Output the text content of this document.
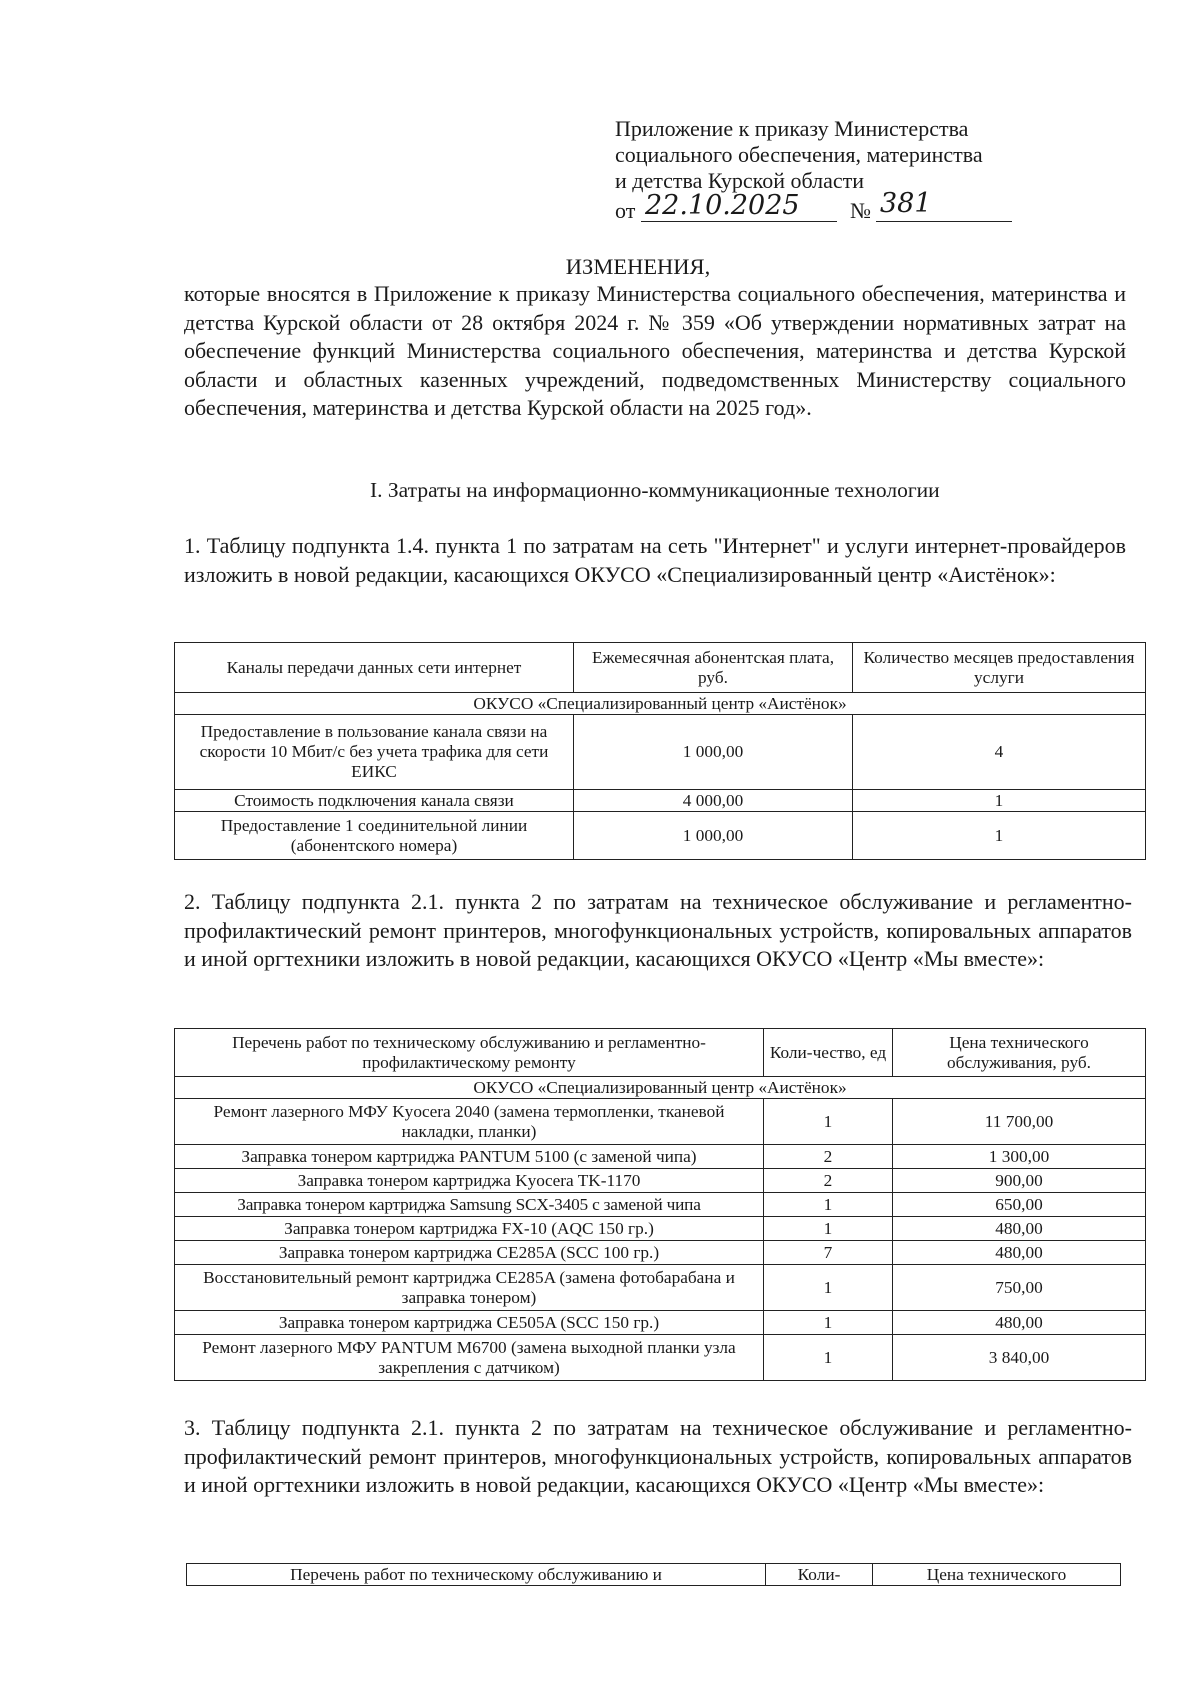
Приложение к приказу Министерства
социального обеспечения, материнства
и детства Курской области
от 22.10.2025 № 381
ИЗМЕНЕНИЯ,
которые вносятся в Приложение к приказу Министерства социального обеспечения, материнства и детства Курской области от 28 октября 2024 г. № 359 «Об утверждении нормативных затрат на обеспечение функций Министерства социального обеспечения, материнства и детства Курской области и областных казенных учреждений, подведомственных Министерству социального обеспечения, материнства и детства Курской области на 2025 год».
I. Затраты на информационно-коммуникационные технологии
1. Таблицу подпункта 1.4. пункта 1 по затратам на сеть "Интернет" и услуги интернет-провайдеров изложить в новой редакции, касающихся ОКУСО «Специализированный центр «Аистёнок»:
Каналы передачи данных сети интернет	Ежемесячная абонентская плата, руб.	Количество месяцев предоставления услуги
ОКУСО «Специализированный центр «Аистёнок»		
Предоставление в пользование канала связи на скорости 10 Мбит/с без учета трафика для сети ЕИКС	1 000,00	4
Стоимость подключения канала связи	4 000,00	1
Предоставление 1 соединительной линии (абонентского номера)	1 000,00	1
2. Таблицу подпункта 2.1. пункта 2 по затратам на техническое обслуживание и регламентно-профилактический ремонт принтеров, многофункциональных устройств, копировальных аппаратов и иной оргтехники изложить в новой редакции, касающихся ОКУСО «Центр «Мы вместе»:
Перечень работ по техническому обслуживанию и регламентно-профилактическому ремонту	Коли-чество, ед	Цена технического обслуживания, руб.
ОКУСО «Специализированный центр «Аистёнок»		
Ремонт лазерного МФУ Kyocera 2040 (замена термопленки, тканевой накладки, планки)	1	11 700,00
Заправка тонером картриджа PANTUM 5100 (с заменой чипа)	2	1 300,00
Заправка тонером картриджа Kyocera TK-1170	2	900,00
Заправка тонером картриджа Samsung SCX-3405 с заменой чипа	1	650,00
Заправка тонером картриджа FX-10 (AQC 150 гр.)	1	480,00
Заправка тонером картриджа CE285A (SCC 100 гр.)	7	480,00
Восстановительный ремонт картриджа CE285A (замена фотобарабана и заправка тонером)	1	750,00
Заправка тонером картриджа CE505A (SCC 150 гр.)	1	480,00
Ремонт лазерного МФУ PANTUM M6700 (замена выходной планки узла закрепления с датчиком)	1	3 840,00
3. Таблицу подпункта 2.1. пункта 2 по затратам на техническое обслуживание и регламентно-профилактический ремонт принтеров, многофункциональных устройств, копировальных аппаратов и иной оргтехники изложить в новой редакции, касающихся ОКУСО «Центр «Мы вместе»:
Перечень работ по техническому обслуживанию и	Коли-	Цена технического
